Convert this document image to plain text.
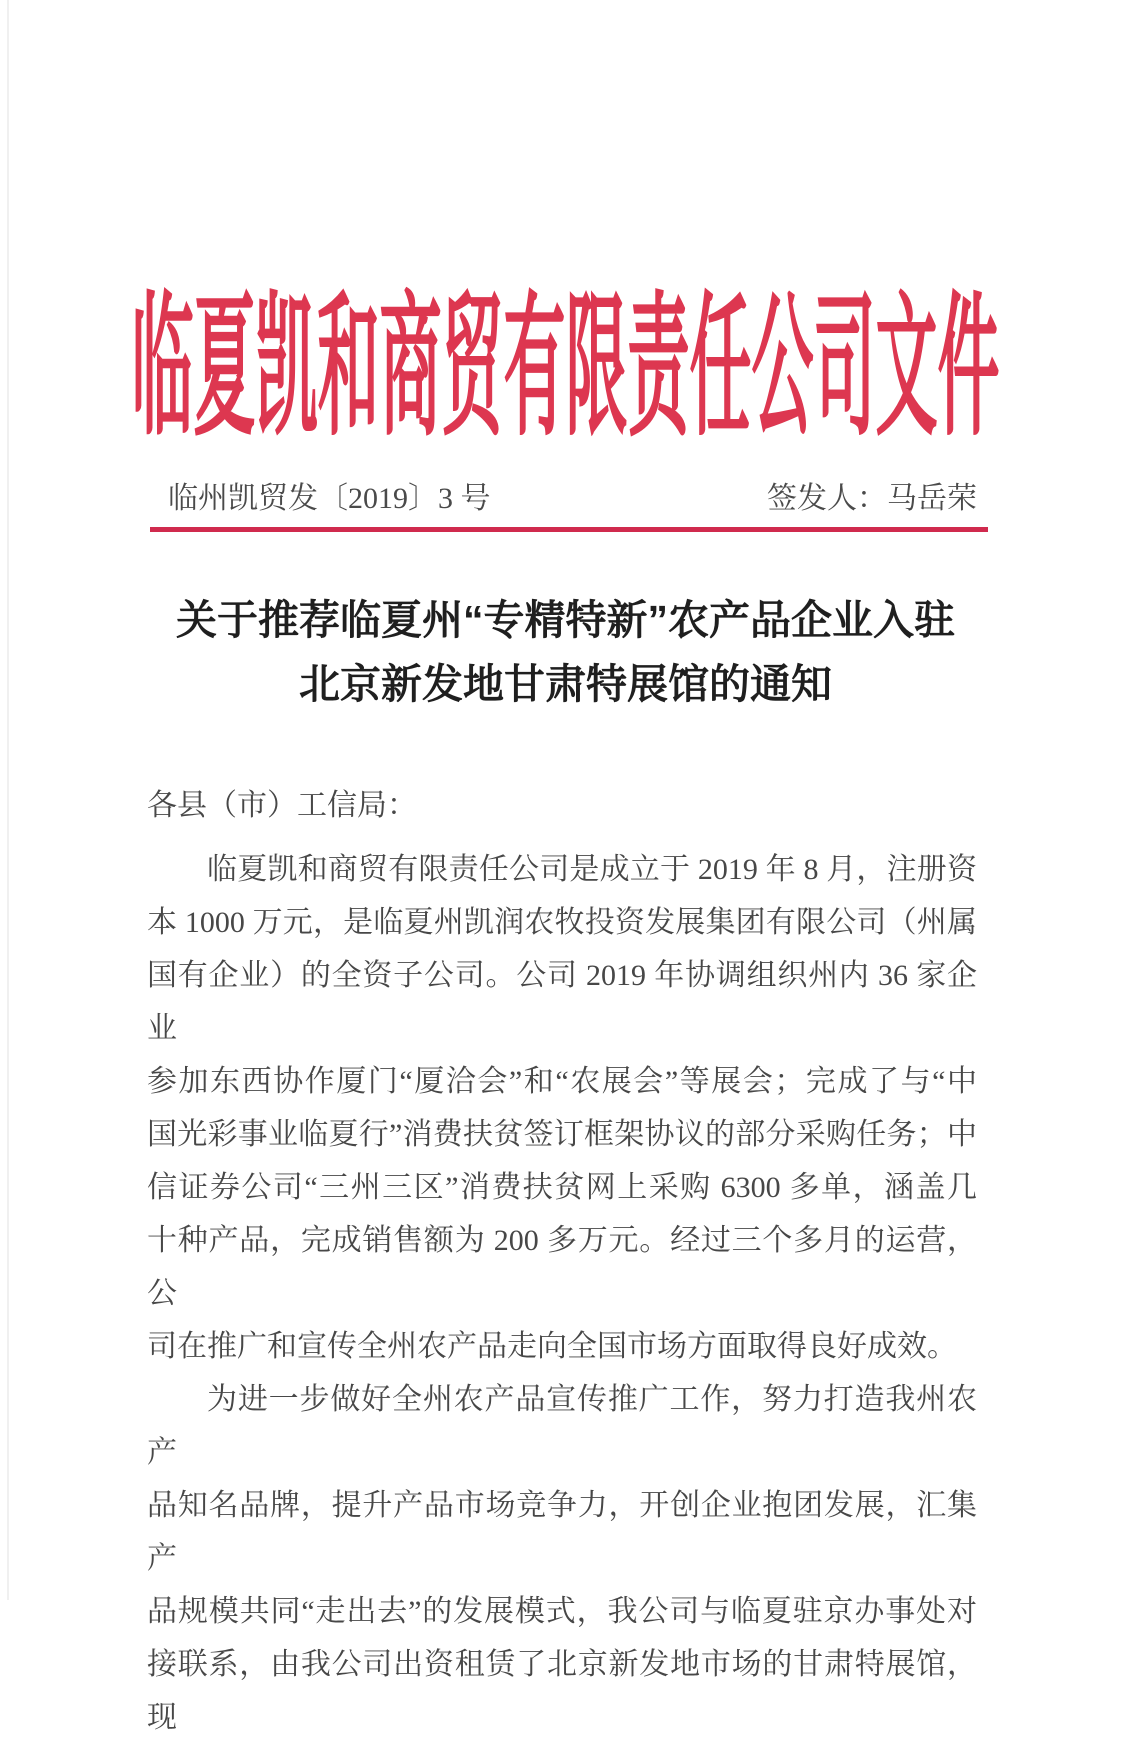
临夏凯和商贸有限责任公司文件
临州凯贸发〔2019〕3 号	签发人：马岳荣
关于推荐临夏州“专精特新”农产品企业入驻
北京新发地甘肃特展馆的通知
各县（市）工信局：
临夏凯和商贸有限责任公司是成立于 2019 年 8 月，注册资
本 1000 万元，是临夏州凯润农牧投资发展集团有限公司（州属
国有企业）的全资子公司。公司 2019 年协调组织州内 36 家企业
参加东西协作厦门“厦洽会”和“农展会”等展会；完成了与“中
国光彩事业临夏行”消费扶贫签订框架协议的部分采购任务；中
信证券公司“三州三区”消费扶贫网上采购 6300 多单，涵盖几
十种产品，完成销售额为 200 多万元。经过三个多月的运营，公
司在推广和宣传全州农产品走向全国市场方面取得良好成效。
为进一步做好全州农产品宣传推广工作，努力打造我州农产
品知名品牌，提升产品市场竞争力，开创企业抱团发展，汇集产
品规模共同“走出去”的发展模式，我公司与临夏驻京办事处对
接联系，由我公司出资租赁了北京新发地市场的甘肃特展馆，现
